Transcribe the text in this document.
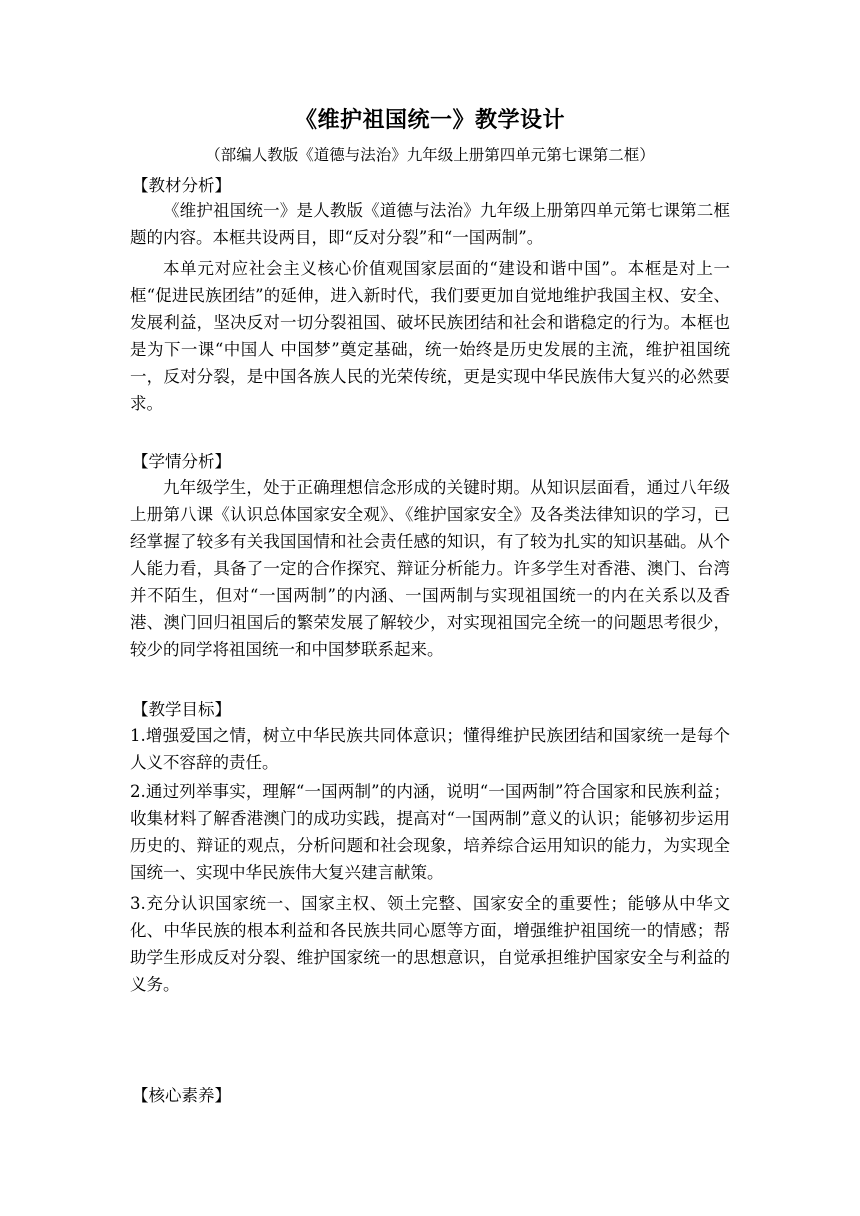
《维护祖国统一》教学设计
（部编人教版《道德与法治》九年级上册第四单元第七课第二框）
【教材分析】

《维护祖国统一》是人教版《道德与法治》九年级上册第四单元第七课第二框题的内容。本框共设两目，即“反对分裂”和“一国两制”。

本单元对应社会主义核心价值观国家层面的“建设和谐中国”。本框是对上一框“促进民族团结”的延伸，进入新时代，我们要更加自觉地维护我国主权、安全、发展利益，坚决反对一切分裂祖国、破坏民族团结和社会和谐稳定的行为。本框也是为下一课“中国人 中国梦”奠定基础，统一始终是历史发展的主流，维护祖国统一，反对分裂，是中国各族人民的光荣传统，更是实现中华民族伟大复兴的必然要求。

【学情分析】

九年级学生，处于正确理想信念形成的关键时期。从知识层面看，通过八年级上册第八课《认识总体国家安全观》、《维护国家安全》及各类法律知识的学习，已经掌握了较多有关我国国情和社会责任感的知识，有了较为扎实的知识基础。从个人能力看，具备了一定的合作探究、辩证分析能力。许多学生对香港、澳门、台湾并不陌生，但对“一国两制”的内涵、一国两制与实现祖国统一的内在关系以及香港、澳门回归祖国后的繁荣发展了解较少，对实现祖国完全统一的问题思考很少，较少的同学将祖国统一和中国梦联系起来。

【教学目标】

1.增强爱国之情，树立中华民族共同体意识；懂得维护民族团结和国家统一是每个人义不容辞的责任。

2.通过列举事实，理解“一国两制”的内涵，说明“一国两制”符合国家和民族利益；收集材料了解香港澳门的成功实践，提高对“一国两制”意义的认识；能够初步运用历史的、辩证的观点，分析问题和社会现象，培养综合运用知识的能力，为实现全国统一、实现中华民族伟大复兴建言献策。

3.充分认识国家统一、国家主权、领土完整、国家安全的重要性；能够从中华文化、中华民族的根本利益和各民族共同心愿等方面，增强维护祖国统一的情感；帮助学生形成反对分裂、维护国家统一的思想意识，自觉承担维护国家安全与利益的义务。

【核心素养】
